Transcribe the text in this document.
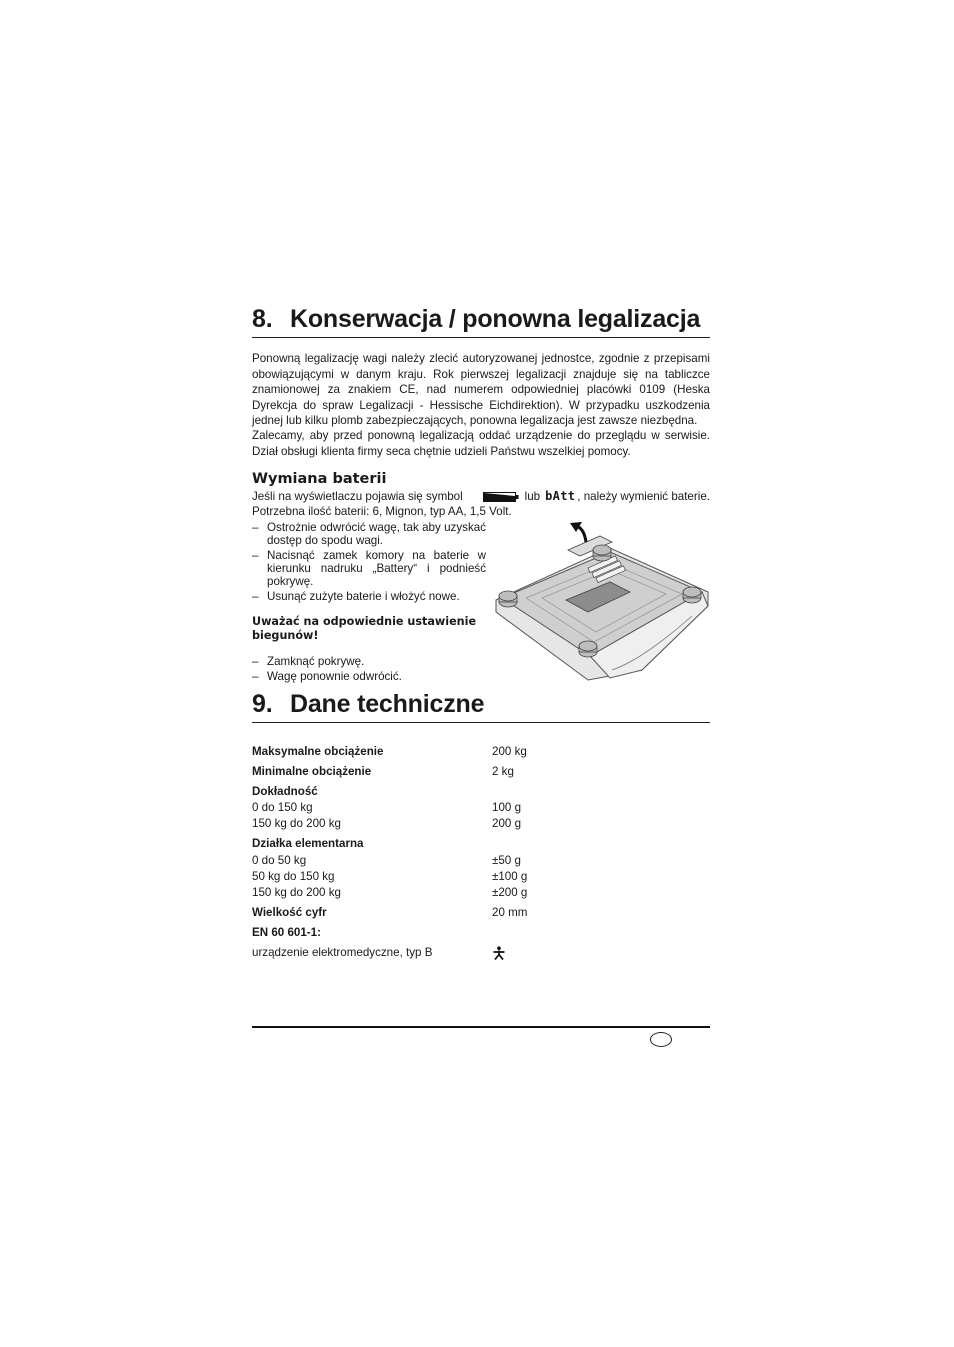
8. Konserwacja / ponowna legalizacja

Ponowną legalizację wagi należy zlecić autoryzowanej jednostce, zgodnie z przepisami obowiązującymi w danym kraju. Rok pierwszej legalizacji znajduje się na tabliczce znamionowej za znakiem CE, nad numerem odpowiedniej placówki 0109 (Heska Dyrekcja do spraw Legalizacji - Hessische Eichdirektion). W przypadku uszkodzenia jednej lub kilku plomb zabezpieczających, ponowna legalizacja jest zawsze niezbędna.

Zalecamy, aby przed ponowną legalizacją oddać urządzenie do przeglądu w serwisie. Dział obsługi klienta firmy seca chętnie udzieli Państwu wszelkiej pomocy.

Wymiana baterii
Jeśli na wyświetlaczu pojawia się symbol	lub bAtt , należy wymienić baterie.
Potrzebna ilość baterii: 6, Mignon, typ AA, 1,5 Volt.
– Ostrożnie odwrócić wagę, tak aby uzyskać dostęp do spodu wagi.
– Nacisnąć zamek komory na baterie w kierunku nadruku „Battery“ i podnieść pokrywę.
– Usunąć zużyte baterie i włożyć nowe.

Uważać na odpowiednie ustawienie biegunów!

– Zamknąć pokrywę.
– Wagę ponownie odwrócić.
9. Dane techniczne
Maksymalne obciążenie	200 kg
Minimalne obciążenie	2 kg
Dokładność
0 do 150 kg	100 g
150 kg do 200 kg	200 g
Działka elementarna
0 do 50 kg	±50 g
50 kg do 150 kg	±100 g
150 kg do 200 kg	±200 g
Wielkość cyfr	20 mm
EN 60 601-1:
urządzenie elektromedyczne, typ B
